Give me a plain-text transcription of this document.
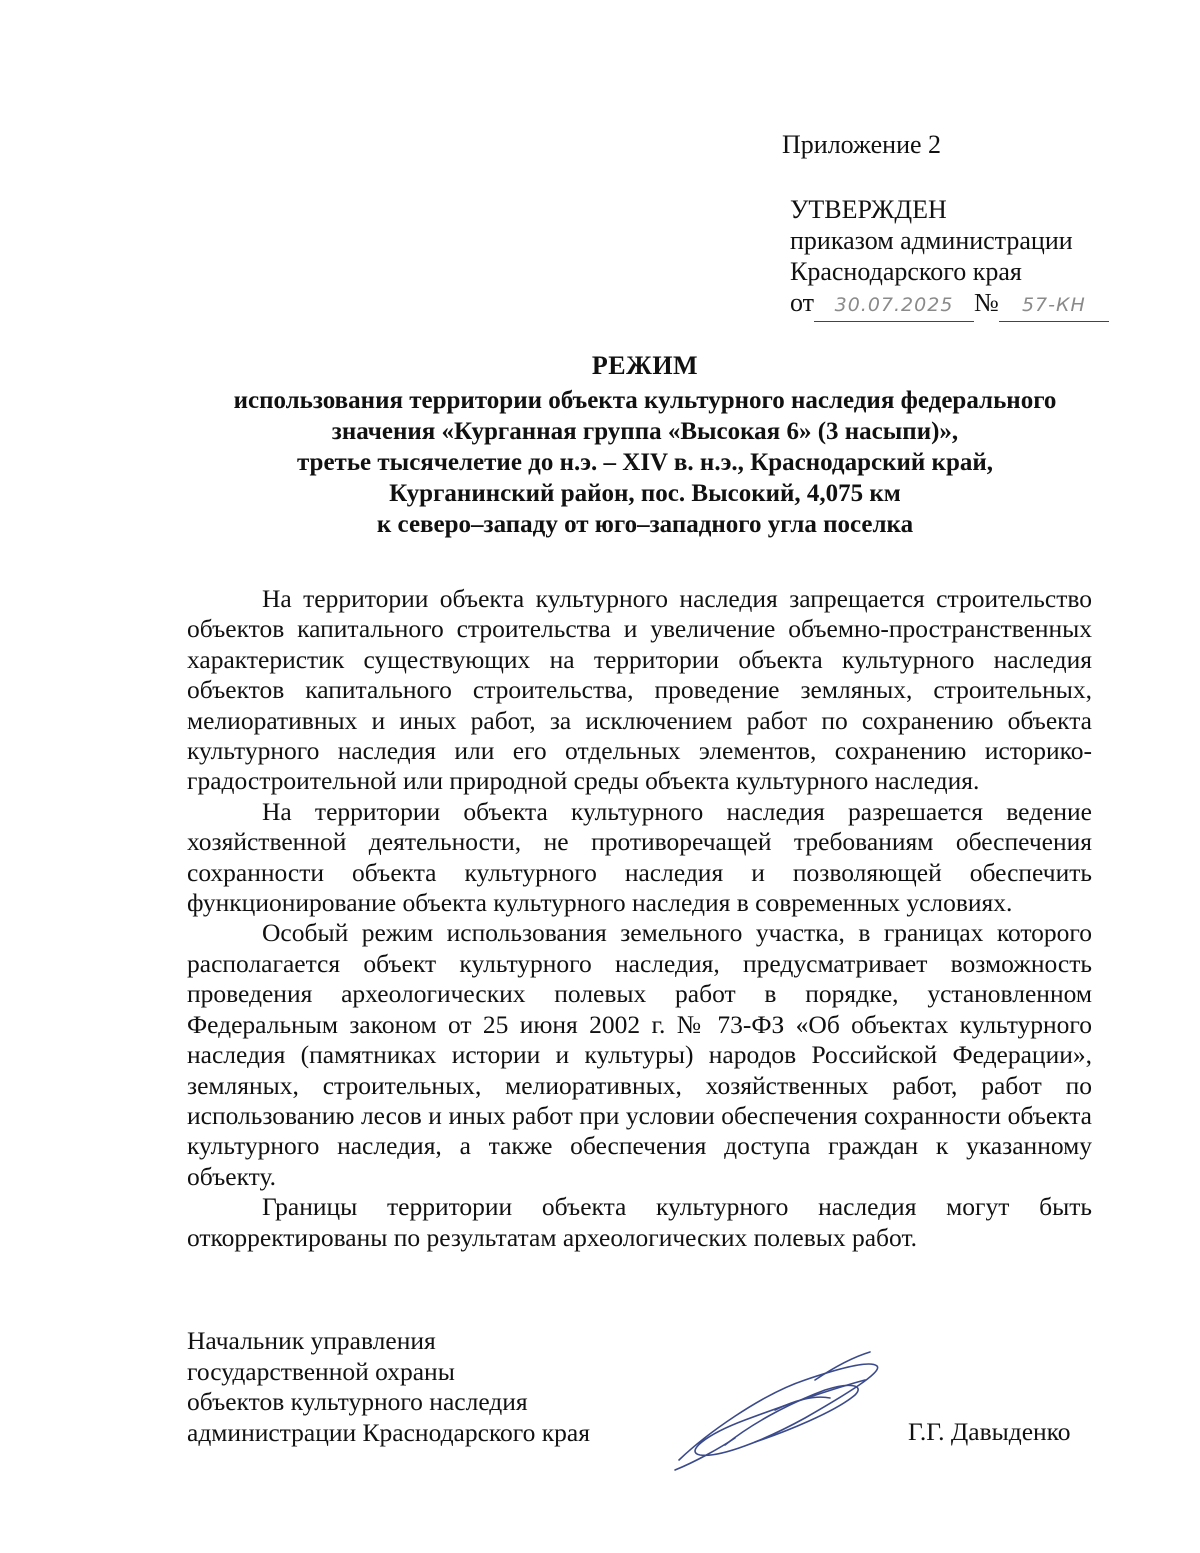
Приложение 2
УТВЕРЖДЕН
приказом администрации
Краснодарского края
от 30.07.2025 № 57-КН
РЕЖИМ
использования территории объекта культурного наследия федерального
значения «Курганная группа «Высокая 6» (3 насыпи)»,
третье тысячелетие до н.э. – XIV в. н.э., Краснодарский край,
Курганинский район, пос. Высокий, 4,075 км
к северо–западу от юго–западного угла поселка

На территории объекта культурного наследия запрещается строительство объектов капитального строительства и увеличение объемно-пространственных характеристик существующих на территории объекта культурного наследия объектов капитального строительства, проведение земляных, строительных, мелиоративных и иных работ, за исключением работ по сохранению объекта культурного наследия или его отдельных элементов, сохранению историко-градостроительной или природной среды объекта культурного наследия.

На территории объекта культурного наследия разрешается ведение хозяйственной деятельности, не противоречащей требованиям обеспечения сохранности объекта культурного наследия и позволяющей обеспечить функционирование объекта культурного наследия в современных условиях.

Особый режим использования земельного участка, в границах которого располагается объект культурного наследия, предусматривает возможность проведения археологических полевых работ в порядке, установленном Федеральным законом от 25 июня 2002 г. № 73-ФЗ «Об объектах культурного наследия (памятниках истории и культуры) народов Российской Федерации», земляных, строительных, мелиоративных, хозяйственных работ, работ по использованию лесов и иных работ при условии обеспечения сохранности объекта культурного наследия, а также обеспечения доступа граждан к указанному объекту.

Границы территории объекта культурного наследия могут быть откорректированы по результатам археологических полевых работ.

Начальник управления
государственной охраны
объектов культурного наследия
администрации Краснодарского края	Г.Г. Давыденко
